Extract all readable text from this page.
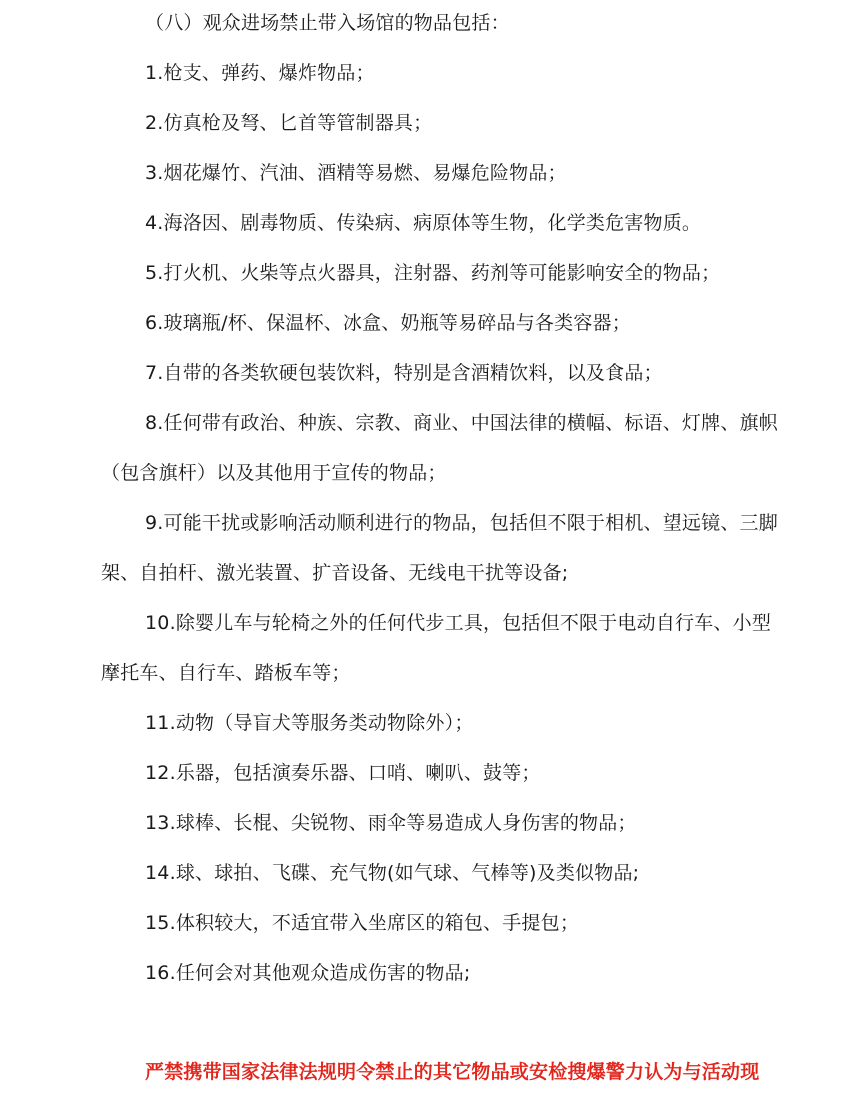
（八）观众进场禁止带入场馆的物品包括：
1.枪支、弹药、爆炸物品；
2.仿真枪及弩、匕首等管制器具；
3.烟花爆竹、汽油、酒精等易燃、易爆危险物品；
4.海洛因、剧毒物质、传染病、病原体等生物，化学类危害物质。
5.打火机、火柴等点火器具，注射器、药剂等可能影响安全的物品；
6.玻璃瓶/杯、保温杯、冰盒、奶瓶等易碎品与各类容器；
7.自带的各类软硬包装饮料，特别是含酒精饮料，以及食品；
8.任何带有政治、种族、宗教、商业、中国法律的横幅、标语、灯牌、旗帜
（包含旗杆）以及其他用于宣传的物品；
9.可能干扰或影响活动顺利进行的物品，包括但不限于相机、望远镜、三脚
架、自拍杆、激光装置、扩音设备、无线电干扰等设备;
10.除婴儿车与轮椅之外的任何代步工具，包括但不限于电动自行车、小型
摩托车、自行车、踏板车等；
11.动物（导盲犬等服务类动物除外）；
12.乐器，包括演奏乐器、口哨、喇叭、鼓等；
13.球棒、长棍、尖锐物、雨伞等易造成人身伤害的物品；
14.球、球拍、飞碟、充气物(如气球、气棒等)及类似物品;
15.体积较大，不适宜带入坐席区的箱包、手提包；
16.任何会对其他观众造成伤害的物品;
严禁携带国家法律法规明令禁止的其它物品或安检搜爆警力认为与活动现
